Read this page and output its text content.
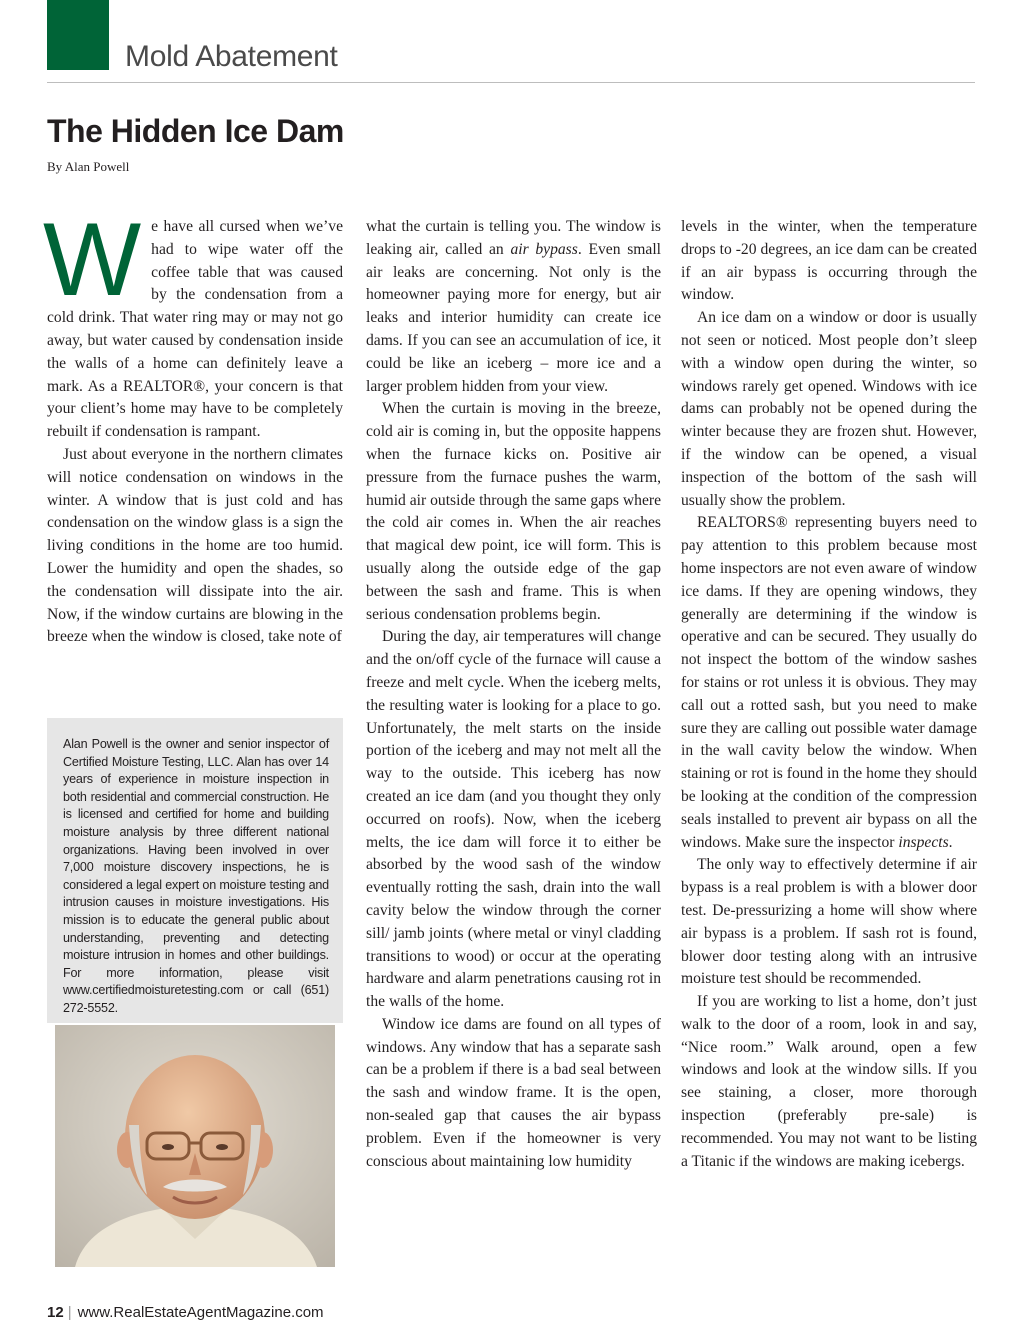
Mold Abatement
The Hidden Ice Dam
By Alan Powell

We have all cursed when we’ve had to wipe water off the coffee table that was caused by the condensation from a cold drink. That water ring may or may not go away, but water caused by condensation inside the walls of a home can definitely leave a mark. As a REALTOR®, your concern is that your client’s home may have to be completely rebuilt if condensation is rampant.

Just about everyone in the northern climates will notice condensation on windows in the winter. A window that is just cold and has condensation on the window glass is a sign the living conditions in the home are too humid. Lower the humidity and open the shades, so the condensation will dissipate into the air. Now, if the window curtains are blowing in the breeze when the window is closed, take note of

Alan Powell is the owner and senior inspector of Certified Moisture Testing, LLC. Alan has over 14 years of experience in moisture inspection in both residential and commercial construction. He is licensed and certified for home and building moisture analysis by three different national organizations. Having been involved in over 7,000 moisture discovery inspections, he is considered a legal expert on moisture testing and intrusion causes in moisture investigations. His mission is to educate the general public about understanding, preventing and detecting moisture intrusion in homes and other buildings. For more information, please visit www.certifiedmoisturetesting.com or call (651) 272-5552.

what the curtain is telling you. The window is leaking air, called an air bypass. Even small air leaks are concerning. Not only is the homeowner paying more for energy, but air leaks and interior humidity can create ice dams. If you can see an accumulation of ice, it could be like an iceberg – more ice and a larger problem hidden from your view.

When the curtain is moving in the breeze, cold air is coming in, but the opposite happens when the furnace kicks on. Positive air pressure from the furnace pushes the warm, humid air outside through the same gaps where the cold air comes in. When the air reaches that magical dew point, ice will form. This is usually along the outside edge of the gap between the sash and frame. This is when serious condensation problems begin.

During the day, air temperatures will change and the on/off cycle of the furnace will cause a freeze and melt cycle. When the iceberg melts, the resulting water is looking for a place to go. Unfortunately, the melt starts on the inside portion of the iceberg and may not melt all the way to the outside. This iceberg has now created an ice dam (and you thought they only occurred on roofs). Now, when the iceberg melts, the ice dam will force it to either be absorbed by the wood sash of the window eventually rotting the sash, drain into the wall cavity below the window through the corner sill/ jamb joints (where metal or vinyl cladding transitions to wood) or occur at the operating hardware and alarm penetrations causing rot in the walls of the home.

Window ice dams are found on all types of windows. Any window that has a separate sash can be a problem if there is a bad seal between the sash and window frame. It is the open, non-sealed gap that causes the air bypass problem. Even if the homeowner is very conscious about maintaining low humidity

levels in the winter, when the temperature drops to -20 degrees, an ice dam can be created if an air bypass is occurring through the window.

An ice dam on a window or door is usually not seen or noticed. Most people don’t sleep with a window open during the winter, so windows rarely get opened. Windows with ice dams can probably not be opened during the winter because they are frozen shut. However, if the window can be opened, a visual inspection of the bottom of the sash will usually show the problem.

REALTORS® representing buyers need to pay attention to this problem because most home inspectors are not even aware of window ice dams. If they are opening windows, they generally are determining if the window is operative and can be secured. They usually do not inspect the bottom of the window sashes for stains or rot unless it is obvious. They may call out a rotted sash, but you need to make sure they are calling out possible water damage in the wall cavity below the window. When staining or rot is found in the home they should be looking at the condition of the compression seals installed to prevent air bypass on all the windows. Make sure the inspector inspects.

The only way to effectively determine if air bypass is a real problem is with a blower door test. De-pressurizing a home will show where air bypass is a problem. If sash rot is found, blower door testing along with an intrusive moisture test should be recommended.

If you are working to list a home, don’t just walk to the door of a room, look in and say, “Nice room.” Walk around, open a few windows and look at the window sills. If you see staining, a closer, more thorough inspection (preferably pre-sale) is recommended. You may not want to be listing a Titanic if the windows are making icebergs.

12 | www.RealEstateAgentMagazine.com
